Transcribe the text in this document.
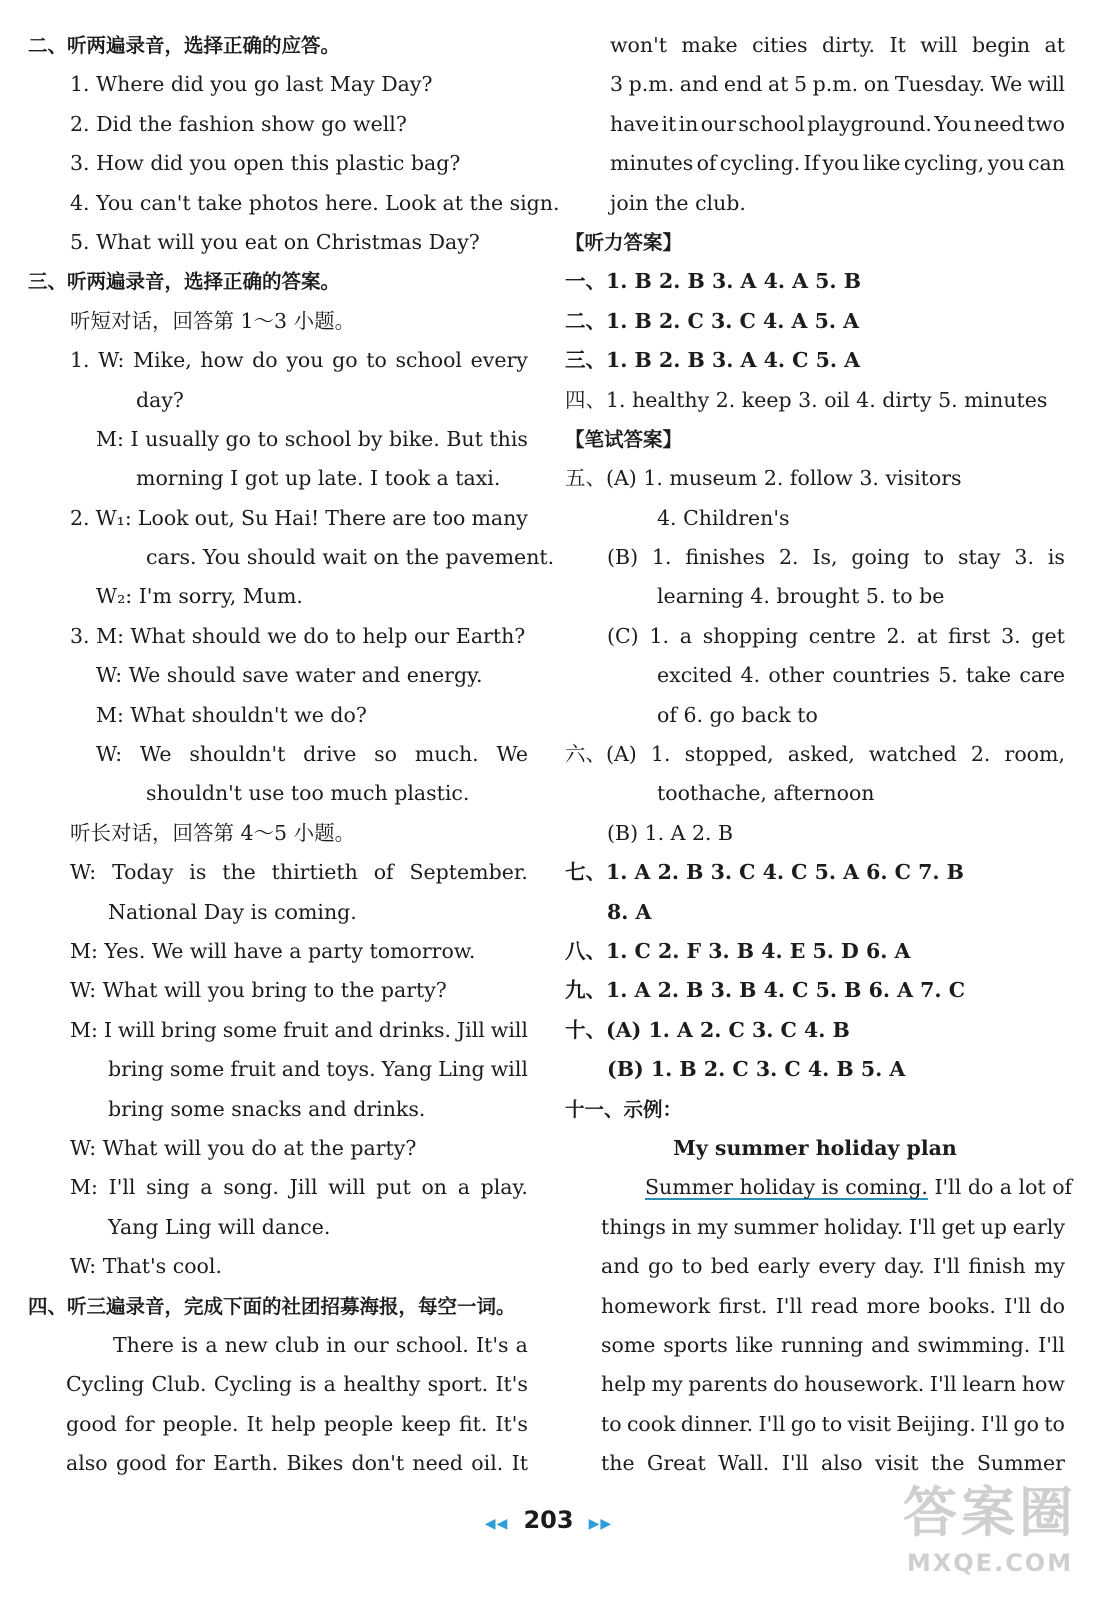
二、听两遍录音，选择正确的应答。
1. Where did you go last May Day?
2. Did the fashion show go well?
3. How did you open this plastic bag?
4. You can't take photos here. Look at the sign.
5. What will you eat on Christmas Day?
三、听两遍录音，选择正确的答案。
听短对话，回答第 1～3 小题。
1. W: Mike, how do you go to school every
day?
M: I usually go to school by bike. But this
morning I got up late. I took a taxi.
2. W₁: Look out, Su Hai! There are too many
cars. You should wait on the pavement.
W₂: I'm sorry, Mum.
3. M: What should we do to help our Earth?
W: We should save water and energy.
M: What shouldn't we do?
W: We shouldn't drive so much. We
shouldn't use too much plastic.
听长对话，回答第 4～5 小题。
W: Today is the thirtieth of September.
National Day is coming.
M: Yes. We will have a party tomorrow.
W: What will you bring to the party?
M: I will bring some fruit and drinks. Jill will
bring some fruit and toys. Yang Ling will
bring some snacks and drinks.
W: What will you do at the party?
M: I'll sing a song. Jill will put on a play.
Yang Ling will dance.
W: That's cool.
四、听三遍录音，完成下面的社团招募海报，每空一词。
There is a new club in our school. It's a
Cycling Club. Cycling is a healthy sport. It's
good for people. It help people keep fit. It's
also good for Earth. Bikes don't need oil. It
won't make cities dirty. It will begin at
3 p.m. and end at 5 p.m. on Tuesday. We will
have it in our school playground. You need two
minutes of cycling. If you like cycling, you can
join the club.
【听力答案】
一、1. B 2. B 3. A 4. A 5. B
二、1. B 2. C 3. C 4. A 5. A
三、1. B 2. B 3. A 4. C 5. A
四、1. healthy 2. keep 3. oil 4. dirty 5. minutes
【笔试答案】
五、(A) 1. museum 2. follow 3. visitors
4. Children's
(B) 1. finishes 2. Is, going to stay 3. is
learning 4. brought 5. to be
(C) 1. a shopping centre 2. at first 3. get
excited 4. other countries 5. take care
of 6. go back to
六、(A) 1. stopped, asked, watched 2. room,
toothache, afternoon
(B) 1. A 2. B
七、1. A 2. B 3. C 4. C 5. A 6. C 7. B
8. A
八、1. C 2. F 3. B 4. E 5. D 6. A
九、1. A 2. B 3. B 4. C 5. B 6. A 7. C
十、(A) 1. A 2. C 3. C 4. B
(B) 1. B 2. C 3. C 4. B 5. A
十一、示例：
My summer holiday plan
Summer holiday is coming. I'll do a lot of
things in my summer holiday. I'll get up early
and go to bed early every day. I'll finish my
homework first. I'll read more books. I'll do
some sports like running and swimming. I'll
help my parents do housework. I'll learn how
to cook dinner. I'll go to visit Beijing. I'll go to
the Great Wall. I'll also visit the Summer
◀◀ 203 ▶▶	答案圈
MXQE.COM
